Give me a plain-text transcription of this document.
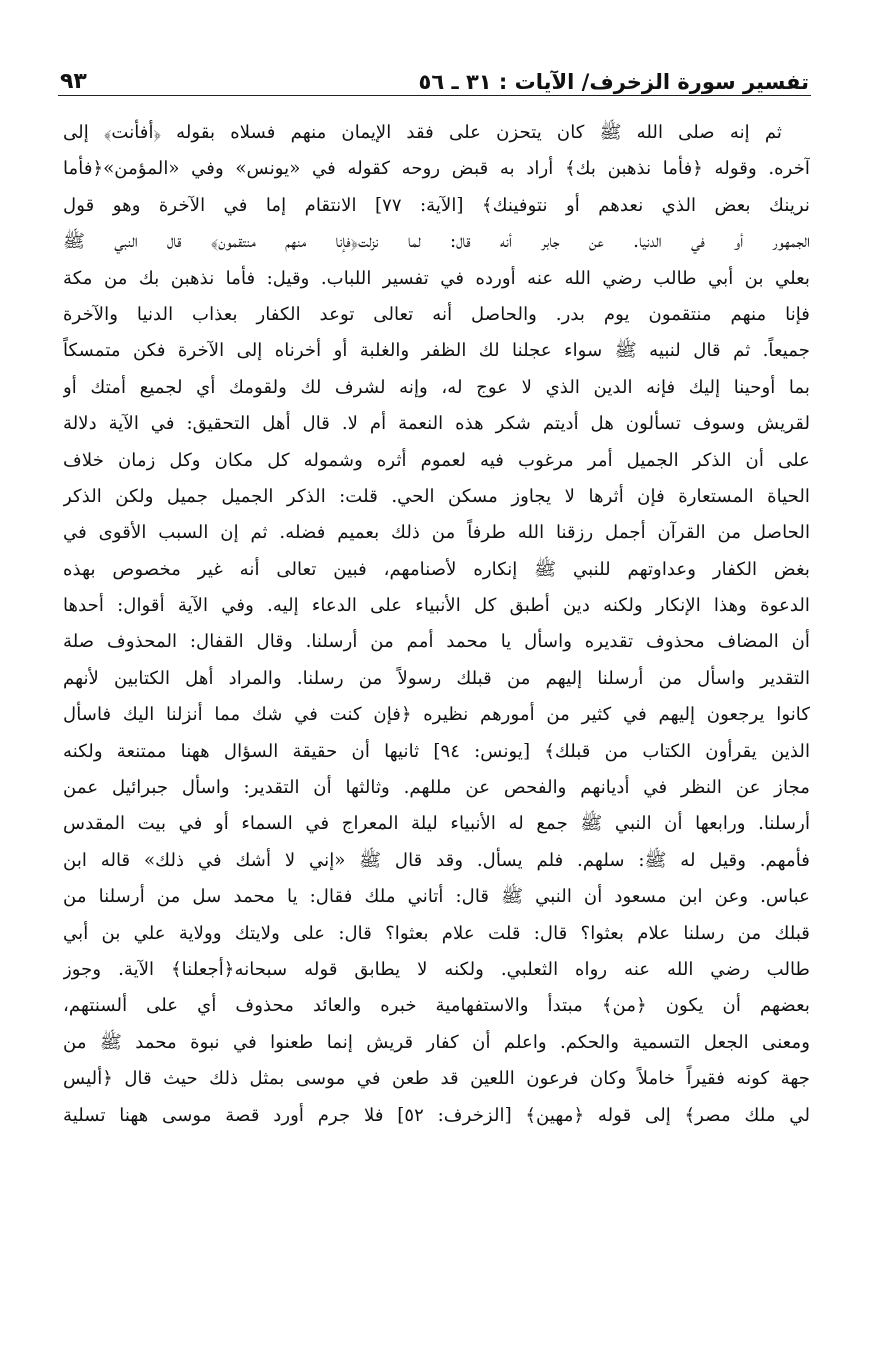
تفسير سورة الزخرف/ الآيات : ٣١ ـ ٥٦
٩٣
ثم إنه صلى الله ﷺ كان يتحزن على فقد الإيمان منهم فسلاه بقوله ﴿أفأنت﴾ إلى
آخره. وقوله ﴿فأما نذهبن بك﴾ أراد به قبض روحه كقوله في «يونس» وفي «المؤمن»﴿فأما
نرينك بعض الذي نعدهم أو نتوفينك﴾ [الآية: ٧٧] الانتقام إما في الآخرة وهو قول
الجمهور أو في الدنيا. عن جابر أنه قال: لما نزلت﴿فإنا منهم منتقمون﴾ قال النبي ﷺ
بعلي بن أبي طالب رضي الله عنه أورده في تفسير اللباب. وقيل: فأما نذهبن بك من مكة
فإنا منهم منتقمون يوم بدر. والحاصل أنه تعالى توعد الكفار بعذاب الدنيا والآخرة
جميعاً. ثم قال لنبيه ﷺ سواء عجلنا لك الظفر والغلبة أو أخرناه إلى الآخرة فكن متمسكاً
بما أوحينا إليك فإنه الدين الذي لا عوج له، وإنه لشرف لك ولقومك أي لجميع أمتك أو
لقريش وسوف تسألون هل أديتم شكر هذه النعمة أم لا. قال أهل التحقيق: في الآية دلالة
على أن الذكر الجميل أمر مرغوب فيه لعموم أثره وشموله كل مكان وكل زمان خلاف
الحياة المستعارة فإن أثرها لا يجاوز مسكن الحي. قلت: الذكر الجميل جميل ولكن الذكر
الحاصل من القرآن أجمل رزقنا الله طرفاً من ذلك بعميم فضله. ثم إن السبب الأقوى في
بغض الكفار وعداوتهم للنبي ﷺ إنكاره لأصنامهم، فبين تعالى أنه غير مخصوص بهذه
الدعوة وهذا الإنكار ولكنه دين أطبق كل الأنبياء على الدعاء إليه. وفي الآية أقوال: أحدها
أن المضاف محذوف تقديره واسأل يا محمد أمم من أرسلنا. وقال القفال: المحذوف صلة
التقدير واسأل من أرسلنا إليهم من قبلك رسولاً من رسلنا. والمراد أهل الكتابين لأنهم
كانوا يرجعون إليهم في كثير من أمورهم نظيره ﴿فإن كنت في شك مما أنزلنا اليك فاسأل
الذين يقرأون الكتاب من قبلك﴾ [يونس: ٩٤] ثانيها أن حقيقة السؤال ههنا ممتنعة ولكنه
مجاز عن النظر في أديانهم والفحص عن مللهم. وثالثها أن التقدير: واسأل جبرائيل عمن
أرسلنا. ورابعها أن النبي ﷺ جمع له الأنبياء ليلة المعراج في السماء أو في بيت المقدس
فأمهم. وقيل له ﷺ: سلهم. فلم يسأل. وقد قال ﷺ «إني لا أشك في ذلك» قاله ابن
عباس. وعن ابن مسعود أن النبي ﷺ قال: أتاني ملك فقال: يا محمد سل من أرسلنا من
قبلك من رسلنا علام بعثوا؟ قال: قلت علام بعثوا؟ قال: على ولايتك وولاية علي بن أبي
طالب رضي الله عنه رواه الثعلبي. ولكنه لا يطابق قوله سبحانه﴿أجعلنا﴾ الآية. وجوز
بعضهم أن يكون ﴿من﴾ مبتدأ والاستفهامية خبره والعائد محذوف أي على ألسنتهم،
ومعنى الجعل التسمية والحكم. واعلم أن كفار قريش إنما طعنوا في نبوة محمد ﷺ من
جهة كونه فقيراً خاملاً وكان فرعون اللعين قد طعن في موسى بمثل ذلك حيث قال ﴿أليس
لي ملك مصر﴾ إلى قوله ﴿مهين﴾ [الزخرف: ٥٢] فلا جرم أورد قصة موسى ههنا تسلية
